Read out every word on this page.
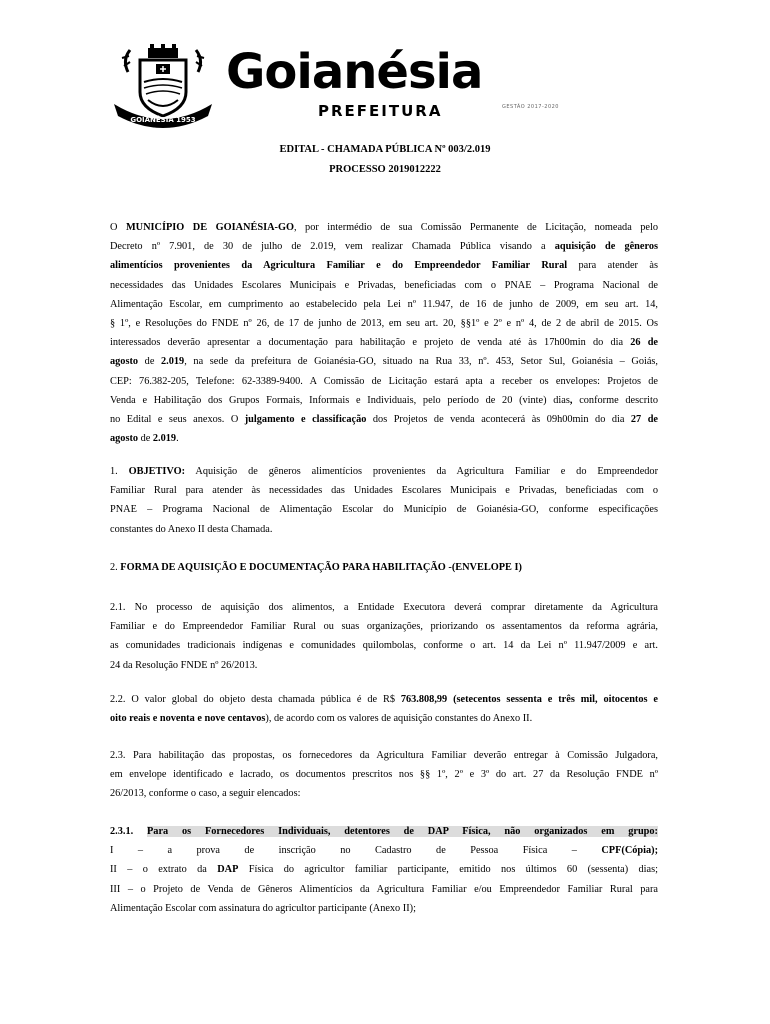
GOIANÉSIA 1953
Goianésia
PREFEITURA	GESTÃO 2017-2020
EDITAL - CHAMADA PÚBLICA Nº 003/2.019
PROCESSO 2019012222
O MUNICÍPIO DE GOIANÉSIA-GO, por intermédio de sua Comissão Permanente de Licitação, nomeada pelo
Decreto nº 7.901, de 30 de julho de 2.019, vem realizar Chamada Pública visando a aquisição de gêneros
alimentícios provenientes da Agricultura Familiar e do Empreendedor Familiar Rural para atender às
necessidades das Unidades Escolares Municipais e Privadas, beneficiadas com o PNAE – Programa Nacional de
Alimentação Escolar, em cumprimento ao estabelecido pela Lei nº 11.947, de 16 de junho de 2009, em seu art. 14,
§ 1º, e Resoluções do FNDE nº 26, de 17 de junho de 2013, em seu art. 20, §§1º e 2º e nº 4, de 2 de abril de 2015. Os
interessados deverão apresentar a documentação para habilitação e projeto de venda até às 17h00min do dia 26 de
agosto de 2.019, na sede da prefeitura de Goianésia-GO, situado na Rua 33, nº. 453, Setor Sul, Goianésia – Goiás,
CEP: 76.382-205, Telefone: 62-3389-9400. A Comissão de Licitação estará apta a receber os envelopes: Projetos de
Venda e Habilitação dos Grupos Formais, Informais e Individuais, pelo período de 20 (vinte) dias, conforme descrito
no Edital e seus anexos. O julgamento e classificação dos Projetos de venda acontecerá às 09h00min do dia 27 de
agosto de 2.019.
1. OBJETIVO: Aquisição de gêneros alimentícios provenientes da Agricultura Familiar e do Empreendedor
Familiar Rural para atender às necessidades das Unidades Escolares Municipais e Privadas, beneficiadas com o
PNAE – Programa Nacional de Alimentação Escolar do Município de Goianésia-GO, conforme especificações
constantes do Anexo II desta Chamada.
2. FORMA DE AQUISIÇÃO E DOCUMENTAÇÃO PARA HABILITAÇÃO -(ENVELOPE I)
2.1. No processo de aquisição dos alimentos, a Entidade Executora deverá comprar diretamente da Agricultura
Familiar e do Empreendedor Familiar Rural ou suas organizações, priorizando os assentamentos da reforma agrária,
as comunidades tradicionais indígenas e comunidades quilombolas, conforme o art. 14 da Lei nº 11.947/2009 e art.
24 da Resolução FNDE nº 26/2013.
2.2. O valor global do objeto desta chamada pública é de R$ 763.808,99 (setecentos sessenta e três mil, oitocentos e
oito reais e noventa e nove centavos), de acordo com os valores de aquisição constantes do Anexo II.
2.3. Para habilitação das propostas, os fornecedores da Agricultura Familiar deverão entregar à Comissão Julgadora,
em envelope identificado e lacrado, os documentos prescritos nos §§ 1º, 2º e 3º do art. 27 da Resolução FNDE nº
26/2013, conforme o caso, a seguir elencados:
2.3.1. Para os Fornecedores Individuais, detentores de DAP Física, não organizados em grupo:
I – a prova de inscrição no Cadastro de Pessoa Física – CPF(Cópia);
II – o extrato da DAP Física do agricultor familiar participante, emitido nos últimos 60 (sessenta) dias;
III – o Projeto de Venda de Gêneros Alimentícios da Agricultura Familiar e/ou Empreendedor Familiar Rural para
Alimentação Escolar com assinatura do agricultor participante (Anexo II);
